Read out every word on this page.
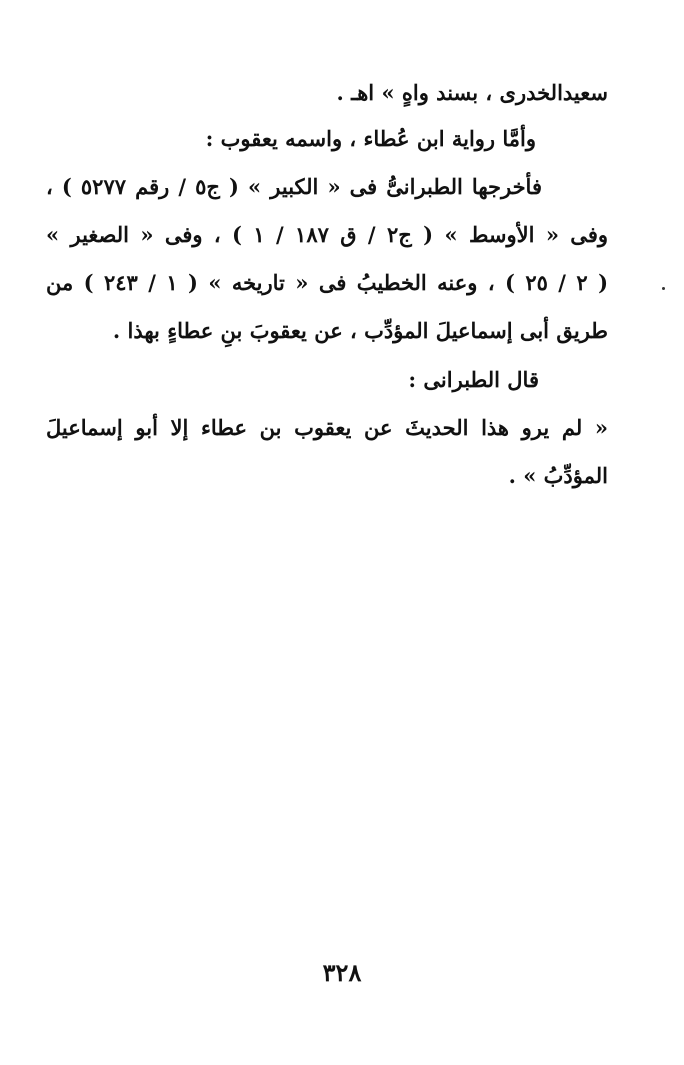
سعيدالخدرى ، بسند واهٍ » اهـ .
وأمَّا رواية ابن عُطاء ، واسمه يعقوب :
فأخرجها الطبرانىُّ فى « الكبير » ( ج٥ / رقم ٥٢٧٧ ) ،
وفى « الأوسط » ( ج٢ / ق ١٨٧ / ١ ) ، وفى « الصغير »
( ٢ / ٢٥ ) ، وعنه الخطيبُ فى « تاريخه » ( ١ / ٢٤٣ ) من
طريق أبى إسماعيلَ المؤدِّب ، عن يعقوبَ بنِ عطاءٍ بهذا .
قال الطبرانى :
« لم يرو هذا الحديثَ عن يعقوب بن عطاء إلا أبو إسماعيلَ
المؤدِّبُ » .
٣٢٨
